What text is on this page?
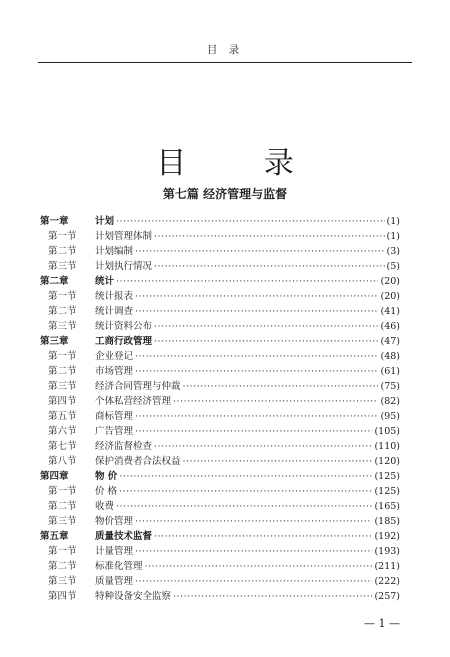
目 录
目 录
第七篇 经济管理与监督
第一章	计划 ·····	(1)
第一节	计划管理体制 ·····	(1)
第二节	计划编制 ·····	(3)
第三节	计划执行情况 ·····	(5)
第二章	统计 ·····	(20)
第一节	统计报表 ·····	(20)
第二节	统计调查 ·····	(41)
第三节	统计资料公布 ·····	(46)
第三章	工商行政管理 ·····	(47)
第一节	企业登记 ·····	(48)
第二节	市场管理 ·····	(61)
第三节	经济合同管理与仲裁 ·····	(75)
第四节	个体私营经济管理 ·····	(82)
第五节	商标管理 ·····	(95)
第六节	广告管理 ·····	(105)
第七节	经济监督检查 ·····	(110)
第八节	保护消费者合法权益 ·····	(120)
第四章	物 价 ·····	(125)
第一节	价 格 ·····	(125)
第二节	收费 ·····	(165)
第三节	物价管理 ·····	(185)
第五章	质量技术监督 ·····	(192)
第一节	计量管理 ·····	(193)
第二节	标准化管理 ·····	(211)
第三节	质量管理 ·····	(222)
第四节	特种设备安全监察 ·····	(257)
— 1 —
